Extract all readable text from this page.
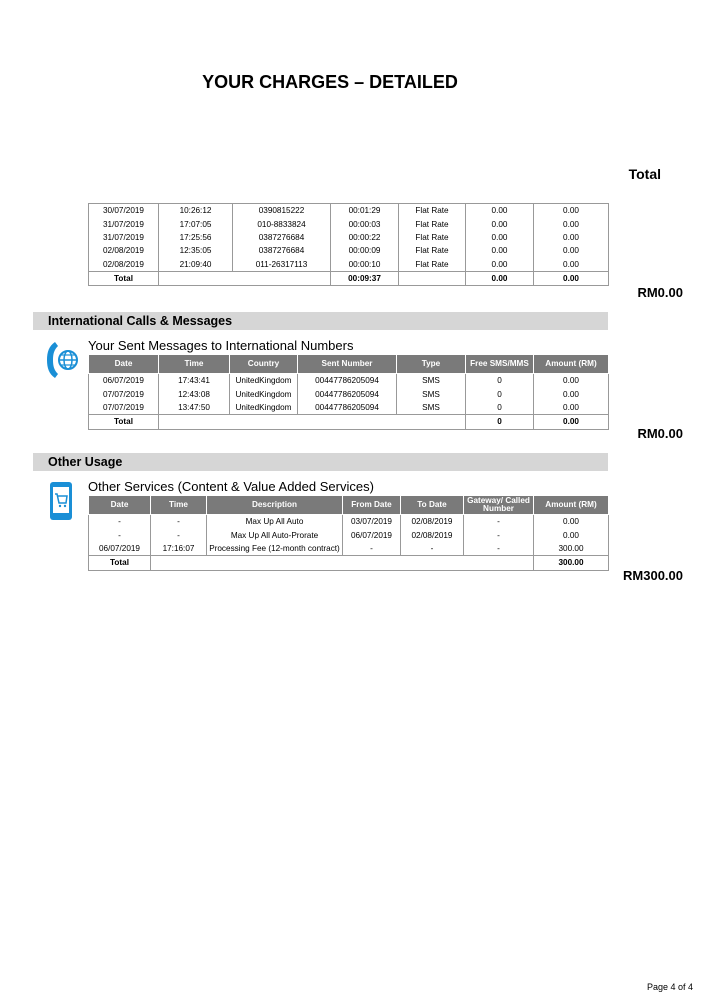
YOUR CHARGES – DETAILED
Total
30/07/2019	10:26:12	0390815222	00:01:29	Flat Rate	0.00	0.00
31/07/2019	17:07:05	010-8833824	00:00:03	Flat Rate	0.00	0.00
31/07/2019	17:25:56	0387276684	00:00:22	Flat Rate	0.00	0.00
02/08/2019	12:35:05	0387276684	00:00:09	Flat Rate	0.00	0.00
02/08/2019	21:09:40	011-26317113	00:00:10	Flat Rate	0.00	0.00
Total			00:09:37		0.00	0.00
RM0.00
International Calls & Messages
Your Sent Messages to International Numbers
Date	Time	Country	Sent Number	Type	Free SMS/MMS	Amount (RM)
06/07/2019	17:43:41	UnitedKingdom	00447786205094	SMS	0	0.00
07/07/2019	12:43:08	UnitedKingdom	00447786205094	SMS	0	0.00
07/07/2019	13:47:50	UnitedKingdom	00447786205094	SMS	0	0.00
Total					0	0.00
RM0.00
Other Usage
Other Services (Content & Value Added Services)
Date	Time	Description	From Date	To Date	Gateway/ Called Number	Amount (RM)
-	-	Max Up All Auto	03/07/2019	02/08/2019	-	0.00
-	-	Max Up All Auto-Prorate	06/07/2019	02/08/2019	-	0.00
06/07/2019	17:16:07	Processing Fee (12-month contract)	-	-	-	300.00
Total						300.00
RM300.00
Page 4 of 4
